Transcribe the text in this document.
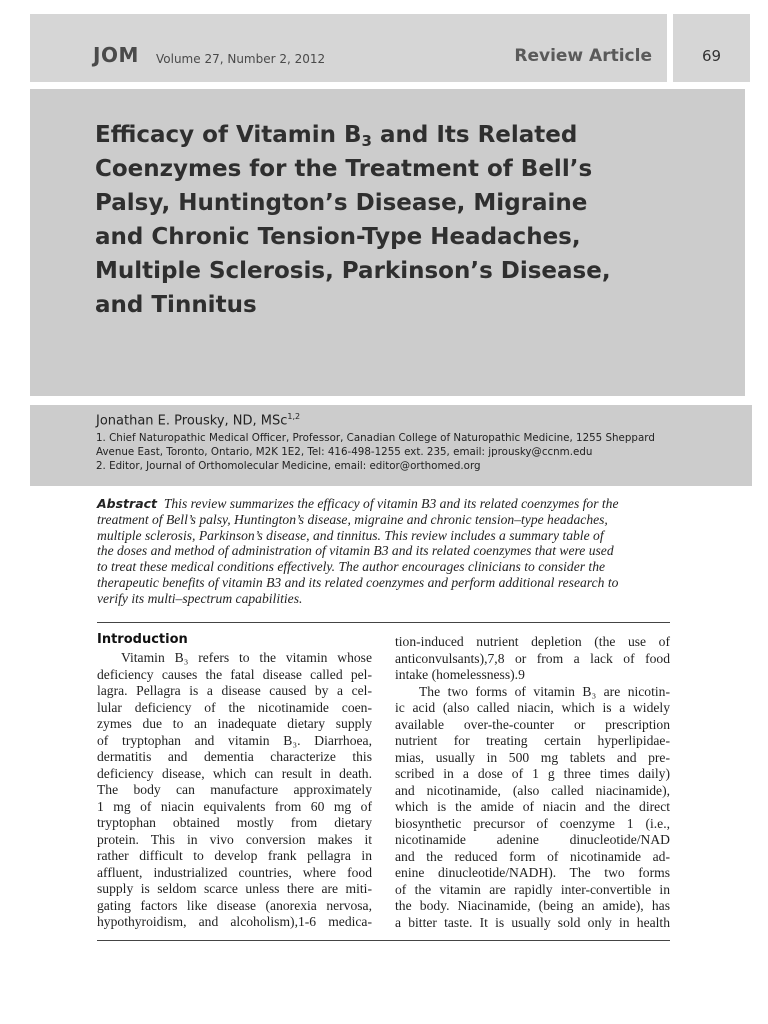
JOM Volume 27, Number 2, 2012	Review Article	69
Efficacy of Vitamin $B_3$ and Its Related
Coenzymes for the Treatment of Bell’s
Palsy, Huntington’s Disease, Migraine
and Chronic Tension-Type Headaches,
Multiple Sclerosis, Parkinson’s Disease,
and Tinnitus
Jonathan E. Prousky, ND, MSc$^{1,2}$
1. Chief Naturopathic Medical Officer, Professor, Canadian College of Naturopathic Medicine, 1255 Sheppard
Avenue East, Toronto, Ontario, M2K 1E2, Tel: 416-498-1255 ext. 235, email: jprousky@ccnm.edu
2. Editor, Journal of Orthomolecular Medicine, email: editor@orthomed.org
Abstract This review summarizes the efficacy of vitamin B3 and its related coenzymes for the
treatment of Bell’s palsy, Huntington’s disease, migraine and chronic tension–type headaches,
multiple sclerosis, Parkinson’s disease, and tinnitus. This review includes a summary table of
the doses and method of administration of vitamin B3 and its related coenzymes that were used
to treat these medical conditions effectively. The author encourages clinicians to consider the
therapeutic benefits of vitamin B3 and its related coenzymes and perform additional research to
verify its multi–spectrum capabilities.
Introduction
Vitamin B₃ refers to the vitamin whose
deficiency causes the fatal disease called pel-
lagra. Pellagra is a disease caused by a cel-
lular deficiency of the nicotinamide coen-
zymes due to an inadequate dietary supply
of tryptophan and vitamin B₃. Diarrhoea,
dermatitis and dementia characterize this
deficiency disease, which can result in death.
The body can manufacture approximately
1 mg of niacin equivalents from 60 mg of
tryptophan obtained mostly from dietary
protein. This in vivo conversion makes it
rather difficult to develop frank pellagra in
affluent, industrialized countries, where food
supply is seldom scarce unless there are miti-
gating factors like disease (anorexia nervosa,
hypothyroidism, and alcoholism),1-6 medica-
tion-induced nutrient depletion (the use of
anticonvulsants),7,8 or from a lack of food
intake (homelessness).9
The two forms of vitamin B₃ are nicotin-
ic acid (also called niacin, which is a widely
available over-the-counter or prescription
nutrient for treating certain hyperlipidae-
mias, usually in 500 mg tablets and pre-
scribed in a dose of 1 g three times daily)
and nicotinamide, (also called niacinamide),
which is the amide of niacin and the direct
biosynthetic precursor of coenzyme 1 (i.e.,
nicotinamide adenine dinucleotide/NAD
and the reduced form of nicotinamide ad-
enine dinucleotide/NADH). The two forms
of the vitamin are rapidly inter-convertible in
the body. Niacinamide, (being an amide), has
a bitter taste. It is usually sold only in health
